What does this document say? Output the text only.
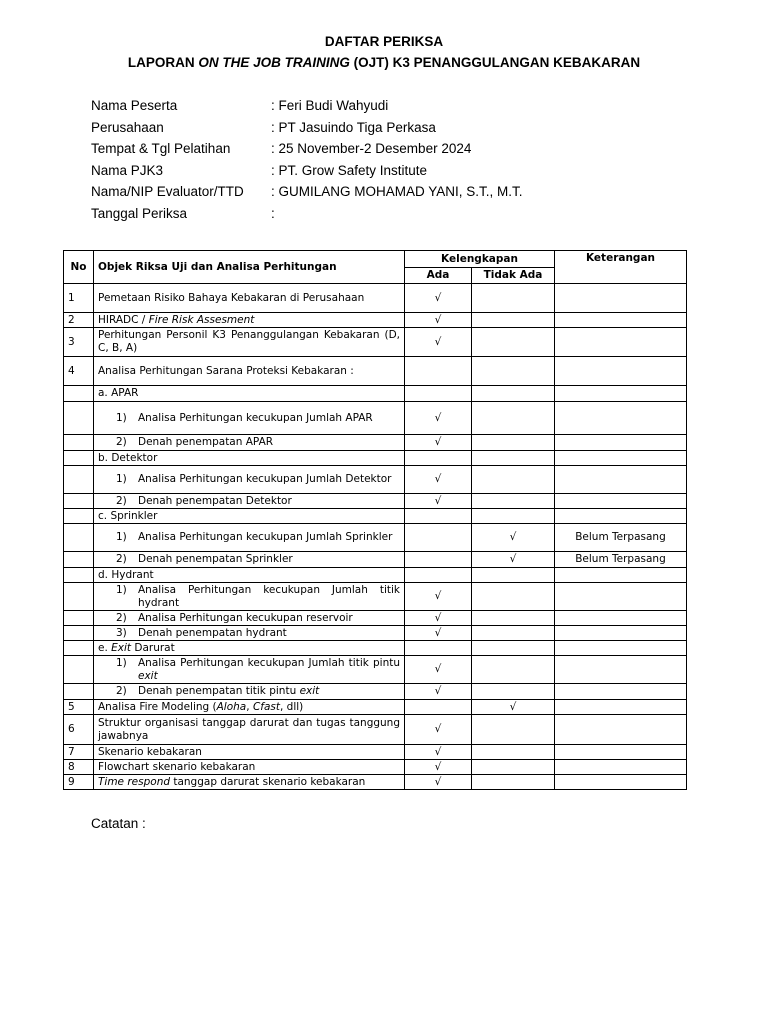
DAFTAR PERIKSA

LAPORAN ON THE JOB TRAINING (OJT) K3 PENANGGULANGAN KEBAKARAN

Nama Peserta	: Feri Budi Wahyudi
Perusahaan	: PT Jasuindo Tiga Perkasa
Tempat & Tgl Pelatihan	: 25 November-2 Desember 2024
Nama PJK3	: PT. Grow Safety Institute
Nama/NIP Evaluator/TTD	: GUMILANG MOHAMAD YANI, S.T., M.T.
Tanggal Periksa	:
No	Objek Riksa Uji dan Analisa Perhitungan	Kelengkapan		Keterangan
		Ada	Tidak Ada	
1	Pemetaan Risiko Bahaya Kebakaran di Perusahaan	√		
2	HIRADC / Fire Risk Assesment	√		
3	Perhitungan Personil K3 Penanggulangan Kebakaran (D, C, B, A)	√		
4	Analisa Perhitungan Sarana Proteksi Kebakaran :			
	a. APAR			

	1) Analisa Perhitungan kecukupan Jumlah APAR	√		

	2) Denah penempatan APAR	√		
	b. Detektor			

	1) Analisa Perhitungan kecukupan Jumlah Detektor	√		

	2) Denah penempatan Detektor	√		
	c. Sprinkler			

	1) Analisa Perhitungan kecukupan Jumlah Sprinkler		√	Belum Terpasang

	2) Denah penempatan Sprinkler		√	Belum Terpasang
	d. Hydrant			

	1) Analisa Perhitungan kecukupan Jumlah titik hydrant	√		

	2) Analisa Perhitungan kecukupan reservoir	√		

	3) Denah penempatan hydrant	√		
	e. Exit Darurat			

	1) Analisa Perhitungan kecukupan Jumlah titik pintu exit	√		

	2) Denah penempatan titik pintu exit	√		
5	Analisa Fire Modeling (Aloha, Cfast, dll)		√	
6	Struktur organisasi tanggap darurat dan tugas tanggung jawabnya	√		
7	Skenario kebakaran	√		
8	Flowchart skenario kebakaran	√		
9	Time respond tanggap darurat skenario kebakaran	√		
Catatan :
